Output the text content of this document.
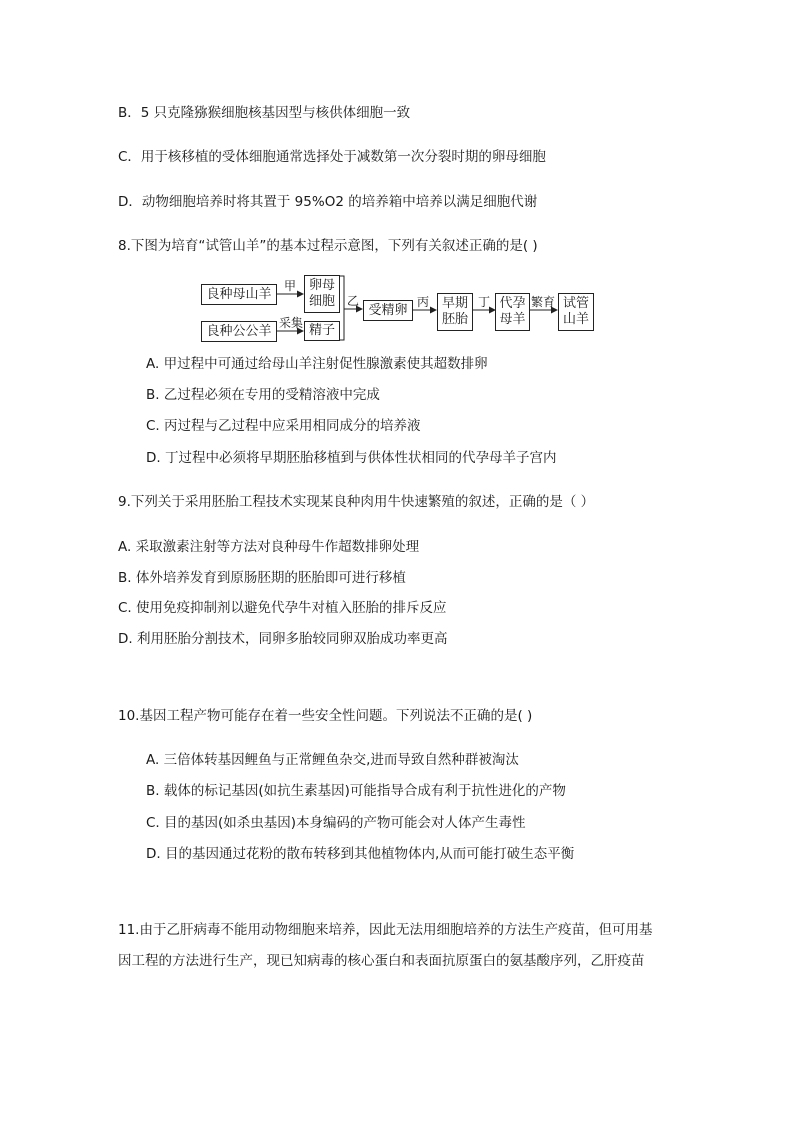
B．5 只克隆猕猴细胞核基因型与核供体细胞一致
C．用于核移植的受体细胞通常选择处于减数第一次分裂时期的卵母细胞
D．动物细胞培养时将其置于 95%O2 的培养箱中培养以满足细胞代谢
8.下图为培育“试管山羊”的基本过程示意图，下列有关叙述正确的是( )
良种母山羊
良种公公羊
卵母细胞
精子
受精卵	早期胚胎
代孕母羊
试管山羊
甲
采集
乙	丙	丁	繁育
A. 甲过程中可通过给母山羊注射促性腺激素使其超数排卵
B. 乙过程必须在专用的受精溶液中完成
C. 丙过程与乙过程中应采用相同成分的培养液
D. 丁过程中必须将早期胚胎移植到与供体性状相同的代孕母羊子宫内
9.下列关于采用胚胎工程技术实现某良种肉用牛快速繁殖的叙述，正确的是（ ）
A. 采取激素注射等方法对良种母牛作超数排卵处理
B. 体外培养发育到原肠胚期的胚胎即可进行移植
C. 使用免疫抑制剂以避免代孕牛对植入胚胎的排斥反应
D. 利用胚胎分割技术，同卵多胎较同卵双胎成功率更高
10.基因工程产物可能存在着一些安全性问题。下列说法不正确的是( )
A. 三倍体转基因鲤鱼与正常鲤鱼杂交,进而导致自然种群被淘汰
B. 载体的标记基因(如抗生素基因)可能指导合成有利于抗性进化的产物
C. 目的基因(如杀虫基因)本身编码的产物可能会对人体产生毒性
D. 目的基因通过花粉的散布转移到其他植物体内,从而可能打破生态平衡
11.由于乙肝病毒不能用动物细胞来培养，因此无法用细胞培养的方法生产疫苗，但可用基
因工程的方法进行生产，现已知病毒的核心蛋白和表面抗原蛋白的氨基酸序列，乙肝疫苗
